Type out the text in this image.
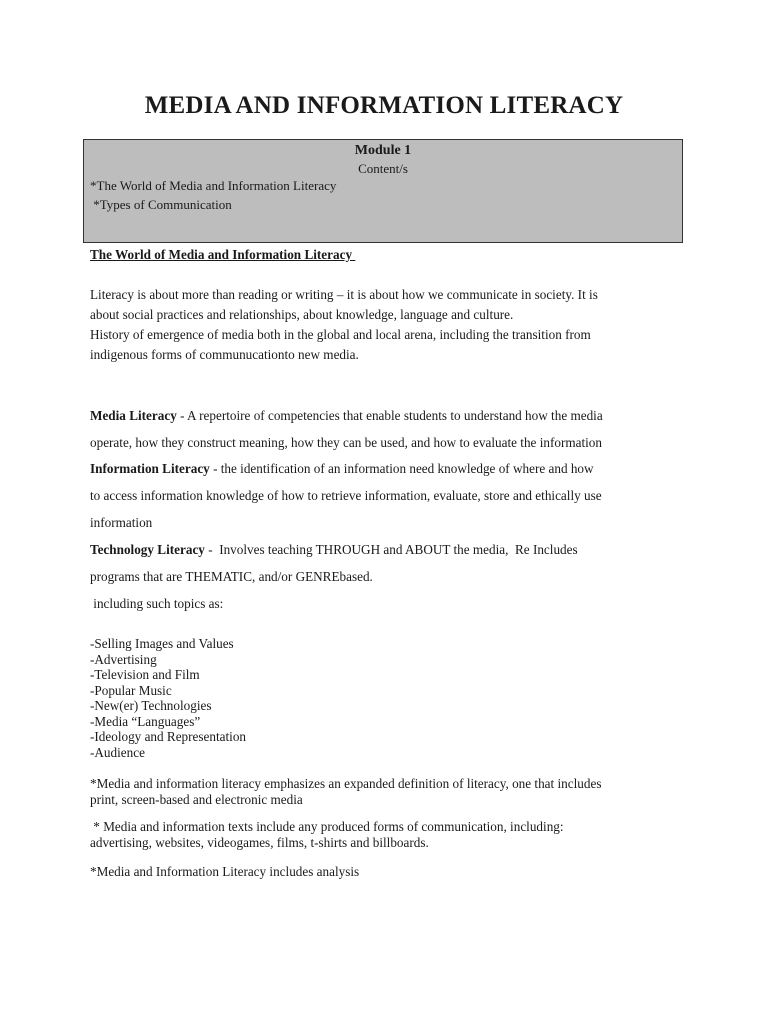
MEDIA AND INFORMATION LITERACY
Module 1
Content/s
*The World of Media and Information Literacy
*Types of Communication
The World of Media and Information Literacy
Literacy is about more than reading or writing – it is about how we communicate in society. It is
about social practices and relationships, about knowledge, language and culture.
History of emergence of media both in the global and local arena, including the transition from
indigenous forms of communucationto new media.
Media Literacy - A repertoire of competencies that enable students to understand how the media
operate, how they construct meaning, how they can be used, and how to evaluate the information
Information Literacy - the identification of an information need knowledge of where and how
to access information knowledge of how to retrieve information, evaluate, store and ethically use
information
Technology Literacy -  Involves teaching THROUGH and ABOUT the media,  Re Includes
programs that are THEMATIC, and/or GENREbased.
including such topics as:
-Selling Images and Values
-Advertising
-Television and Film
-Popular Music
-New(er) Technologies
-Media “Languages”
-Ideology and Representation
-Audience
*Media and information literacy emphasizes an expanded definition of literacy, one that includes
print, screen-based and electronic media
* Media and information texts include any produced forms of communication, including:
advertising, websites, videogames, films, t-shirts and billboards.
*Media and Information Literacy includes analysis
